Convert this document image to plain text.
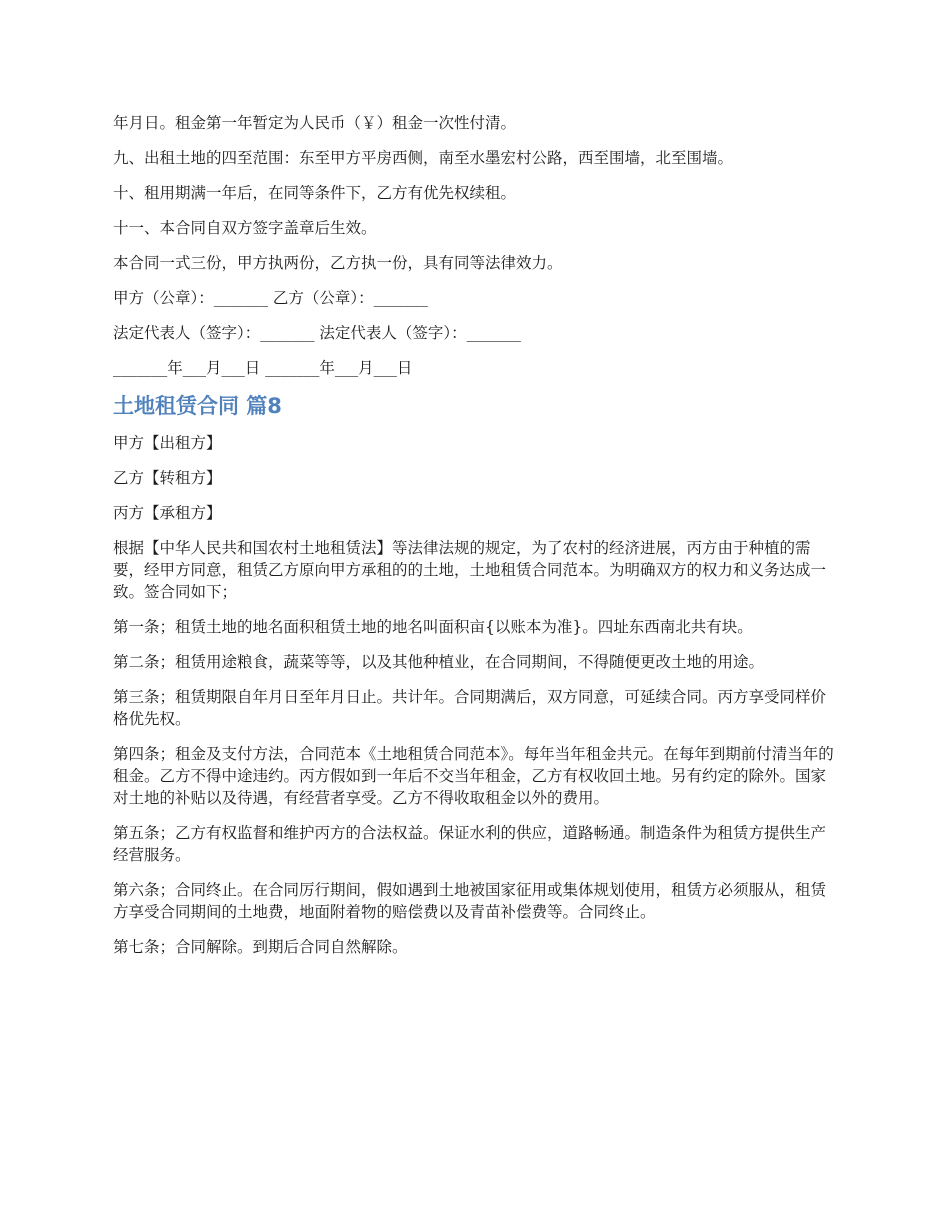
年月日。租金第一年暂定为人民币（￥）租金一次性付清。

九、出租土地的四至范围：东至甲方平房西侧，南至水墨宏村公路，西至围墙，北至围墙。

十、租用期满一年后，在同等条件下，乙方有优先权续租。

十一、本合同自双方签字盖章后生效。

本合同一式三份，甲方执两份，乙方执一份，具有同等法律效力。

甲方（公章）：_______ 乙方（公章）：_______

法定代表人（签字）：_______ 法定代表人（签字）：_______

_______年___月___日 _______年___月___日

土地租赁合同 篇8

甲方【出租方】

乙方【转租方】

丙方【承租方】

根据【中华人民共和国农村土地租赁法】等法律法规的规定，为了农村的经济进展，丙方由于种植的需要，经甲方同意，租赁乙方原向甲方承租的的土地，土地租赁合同范本。为明确双方的权力和义务达成一致。签合同如下；

第一条；租赁土地的地名面积租赁土地的地名叫面积亩{以账本为准}。四址东西南北共有块。

第二条；租赁用途粮食，蔬菜等等，以及其他种植业，在合同期间，不得随便更改土地的用途。

第三条；租赁期限自年月日至年月日止。共计年。合同期满后，双方同意，可延续合同。丙方享受同样价格优先权。

第四条；租金及支付方法，合同范本《土地租赁合同范本》。每年当年租金共元。在每年到期前付清当年的租金。乙方不得中途违约。丙方假如到一年后不交当年租金，乙方有权收回土地。另有约定的除外。国家对土地的补贴以及待遇，有经营者享受。乙方不得收取租金以外的费用。

第五条；乙方有权监督和维护丙方的合法权益。保证水利的供应，道路畅通。制造条件为租赁方提供生产经营服务。

第六条；合同终止。在合同厉行期间，假如遇到土地被国家征用或集体规划使用，租赁方必须服从，租赁方享受合同期间的土地费，地面附着物的赔偿费以及青苗补偿费等。合同终止。

第七条；合同解除。到期后合同自然解除。
